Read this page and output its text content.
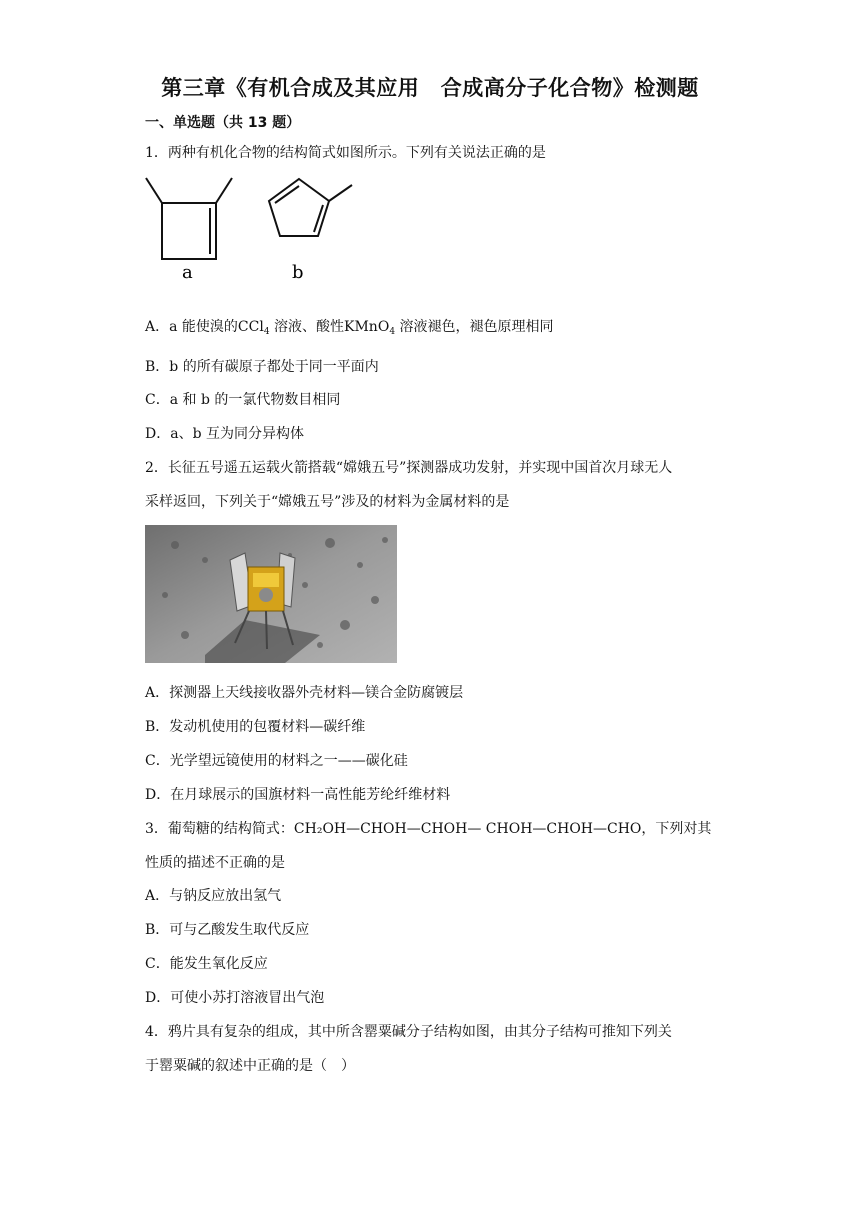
第三章《有机合成及其应用　合成高分子化合物》检测题
一、单选题（共 13 题）
1．两种有机化合物的结构简式如图所示。下列有关说法正确的是
a	b
A．a 能使溴的CCl$_4$ 溶液、酸性KMnO$_4$ 溶液褪色，褪色原理相同
B．b 的所有碳原子都处于同一平面内
C．a 和 b 的一氯代物数目相同
D．a、b 互为同分异构体
2．长征五号遥五运载火箭搭载“嫦娥五号”探测器成功发射，并实现中国首次月球无人
采样返回，下列关于“嫦娥五号”涉及的材料为金属材料的是
A．探测器上天线接收器外壳材料—镁合金防腐镀层
B．发动机使用的包覆材料—碳纤维
C．光学望远镜使用的材料之一——碳化硅
D．在月球展示的国旗材料一高性能芳纶纤维材料
3．葡萄糖的结构简式：CH₂OH—CHOH—CHOH— CHOH—CHOH—CHO，下列对其
性质的描述不正确的是
A．与钠反应放出氢气
B．可与乙酸发生取代反应
C．能发生氧化反应
D．可使小苏打溶液冒出气泡
4．鸦片具有复杂的组成，其中所含罂粟碱分子结构如图，由其分子结构可推知下列关
于罂粟碱的叙述中正确的是（　）
